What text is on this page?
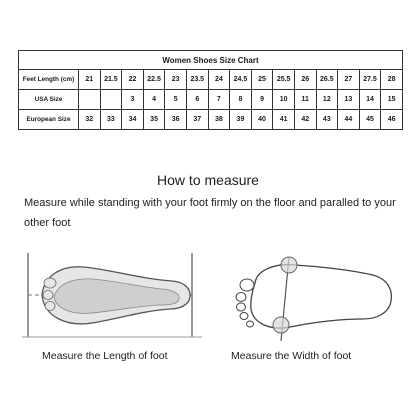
Women Shoes Size Chart															
Feet Length (cm)	21	21.5	22	22.5	23	23.5	24	24.5	25	25.5	26	26.5	27	27.5	28
USA Size			3	4	5	6	7	8	9	10	11	12	13	14	15
European Size	32	33	34	35	36	37	38	39	40	41	42	43	44	45	46
How to measure
Measure while standing with your foot firmly on the floor and paralled to your other foot
Measure the Length of foot	Measure the Width of foot
